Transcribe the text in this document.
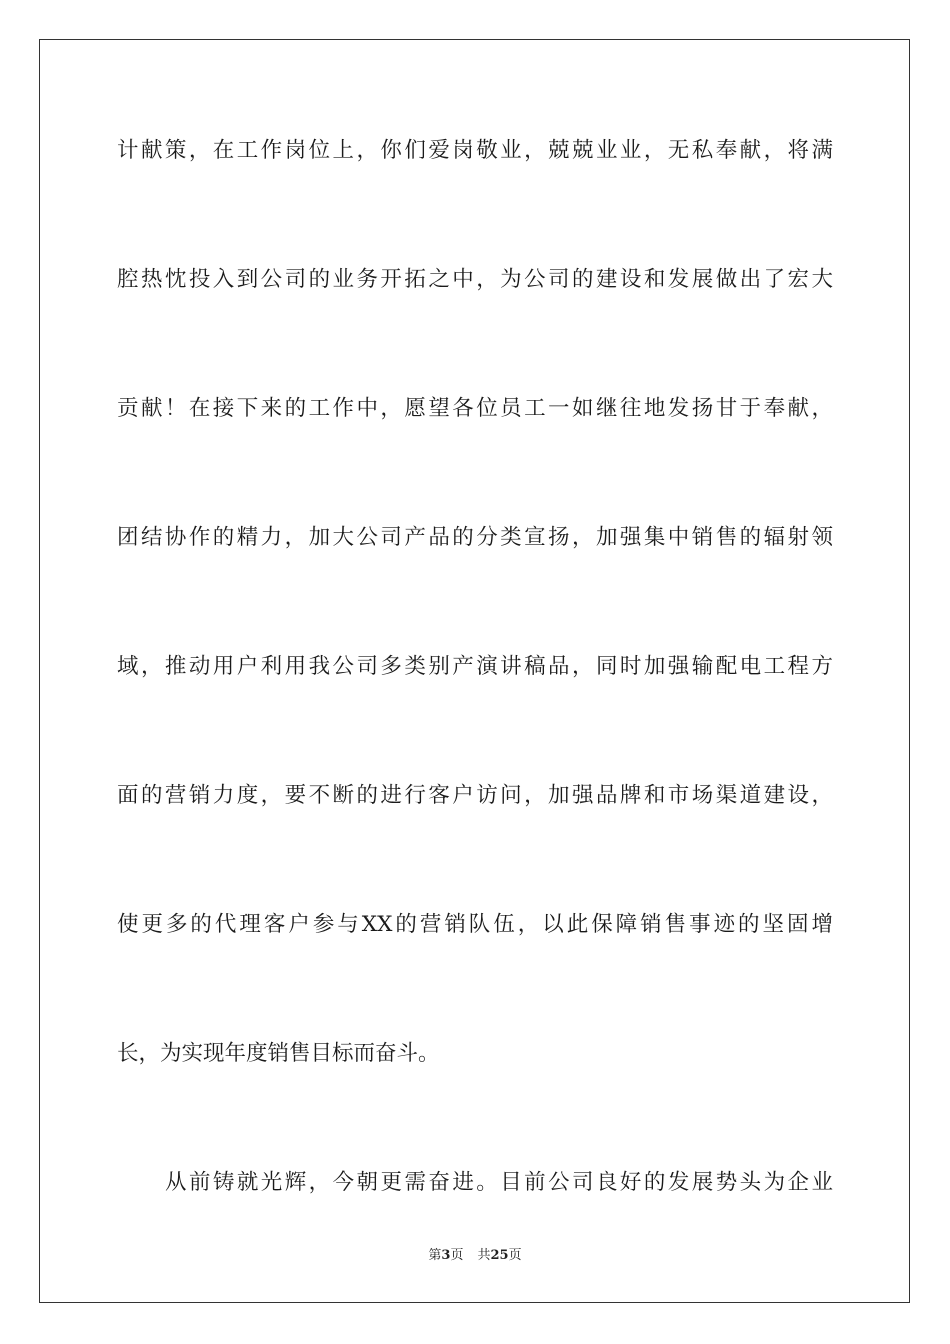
计献策，在工作岗位上，你们爱岗敬业，兢兢业业，无私奉献，将满
腔热忱投入到公司的业务开拓之中，为公司的建设和发展做出了宏大
贡献！在接下来的工作中，愿望各位员工一如继往地发扬甘于奉献，
团结协作的精力，加大公司产品的分类宣扬，加强集中销售的辐射领
域，推动用户利用我公司多类别产演讲稿品，同时加强输配电工程方
面的营销力度，要不断的进行客户访问，加强品牌和市场渠道建设，
使更多的代理客户参与XX的营销队伍，以此保障销售事迹的坚固增
长，为实现年度销售目标而奋斗。
从前铸就光辉，今朝更需奋进。目前公司良好的发展势头为企业
第3页 共25页
